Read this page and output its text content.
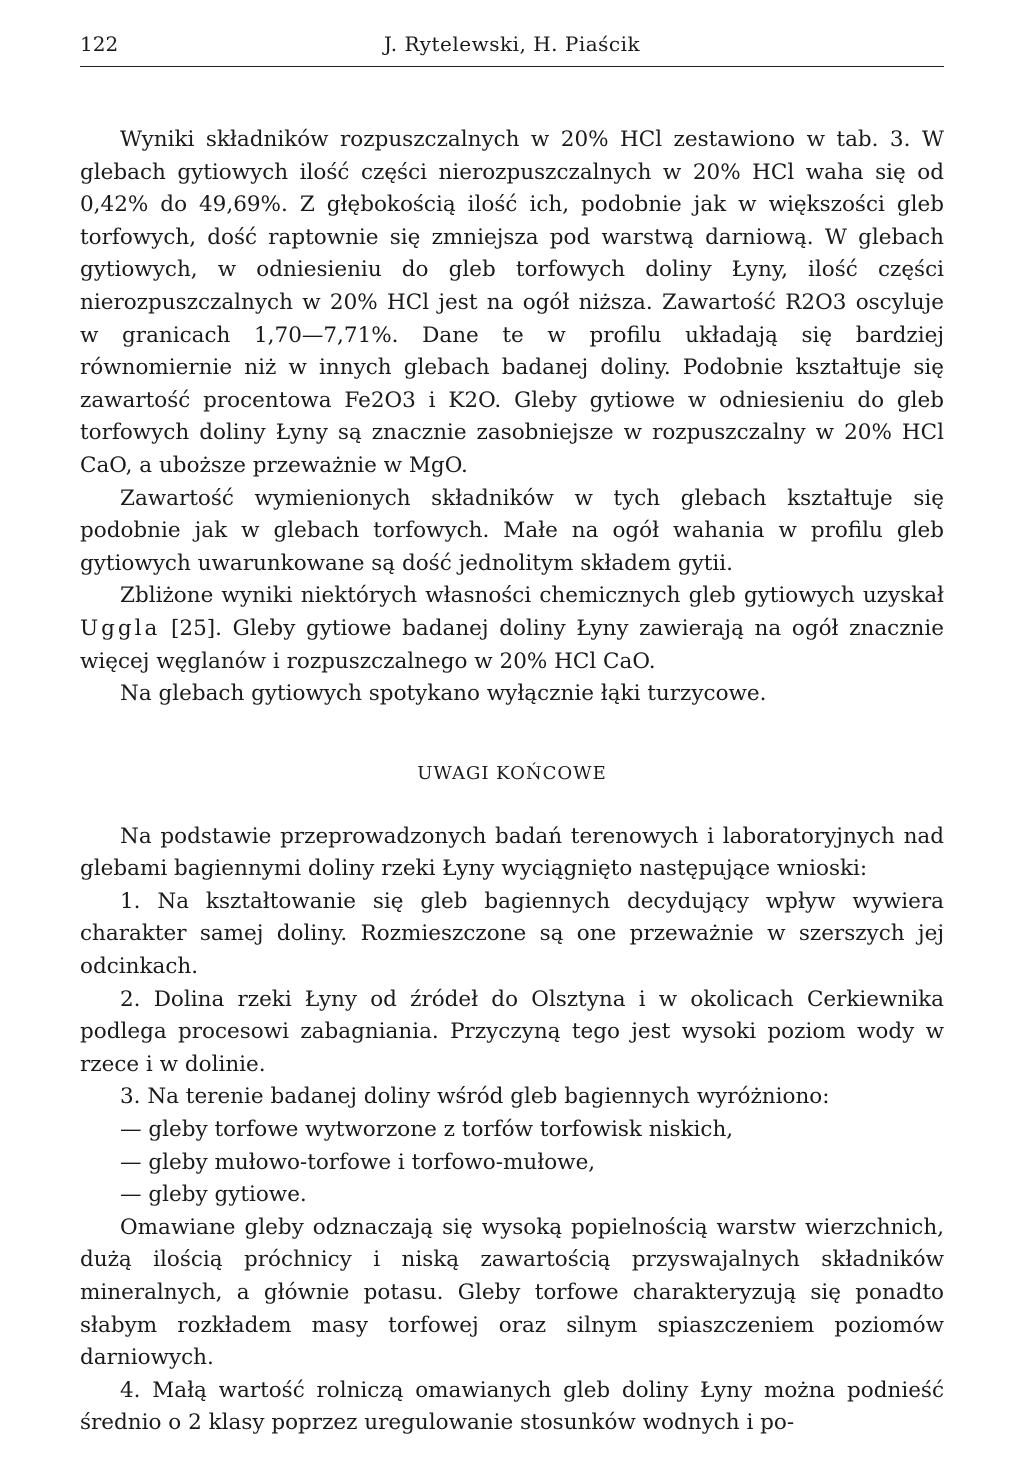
122	J. Rytelewski, H. Piaścik

Wyniki składników rozpuszczalnych w 20% HCl zestawiono w tab. 3. W glebach gytiowych ilość części nierozpuszczalnych w 20% HCl waha się od 0,42% do 49,69%. Z głębokością ilość ich, podobnie jak w większości gleb torfowych, dość raptownie się zmniejsza pod warstwą darniową. W glebach gytiowych, w odniesieniu do gleb torfowych doliny Łyny, ilość części nierozpuszczalnych w 20% HCl jest na ogół niższa. Zawartość R2O3 oscyluje w granicach 1,70—7,71%. Dane te w profilu układają się bardziej równomiernie niż w innych glebach badanej doliny. Podobnie kształtuje się zawartość procentowa Fe2O3 i K2O. Gleby gytiowe w odniesieniu do gleb torfowych doliny Łyny są znacznie zasobniejsze w rozpuszczalny w 20% HCl CaO, a uboższe przeważnie w MgO.

Zawartość wymienionych składników w tych glebach kształtuje się podobnie jak w glebach torfowych. Małe na ogół wahania w profilu gleb gytiowych uwarunkowane są dość jednolitym składem gytii.

Zbliżone wyniki niektórych własności chemicznych gleb gytiowych uzyskał Uggla [25]. Gleby gytiowe badanej doliny Łyny zawierają na ogół znacznie więcej węglanów i rozpuszczalnego w 20% HCl CaO.

Na glebach gytiowych spotykano wyłącznie łąki turzycowe.

UWAGI KOŃCOWE

Na podstawie przeprowadzonych badań terenowych i laboratoryjnych nad glebami bagiennymi doliny rzeki Łyny wyciągnięto następujące wnioski:

1. Na kształtowanie się gleb bagiennych decydujący wpływ wywiera charakter samej doliny. Rozmieszczone są one przeważnie w szerszych jej odcinkach.

2. Dolina rzeki Łyny od źródeł do Olsztyna i w okolicach Cerkiewnika podlega procesowi zabagniania. Przyczyną tego jest wysoki poziom wody w rzece i w dolinie.

3. Na terenie badanej doliny wśród gleb bagiennych wyróżniono:

— gleby torfowe wytworzone z torfów torfowisk niskich,
— gleby mułowo-torfowe i torfowo-mułowe,
— gleby gytiowe.

Omawiane gleby odznaczają się wysoką popielnością warstw wierzchnich, dużą ilością próchnicy i niską zawartością przyswajalnych składników mineralnych, a głównie potasu. Gleby torfowe charakteryzują się ponadto słabym rozkładem masy torfowej oraz silnym spiaszczeniem poziomów darniowych.

4. Małą wartość rolniczą omawianych gleb doliny Łyny można podnieść średnio o 2 klasy poprzez uregulowanie stosunków wodnych i po-
